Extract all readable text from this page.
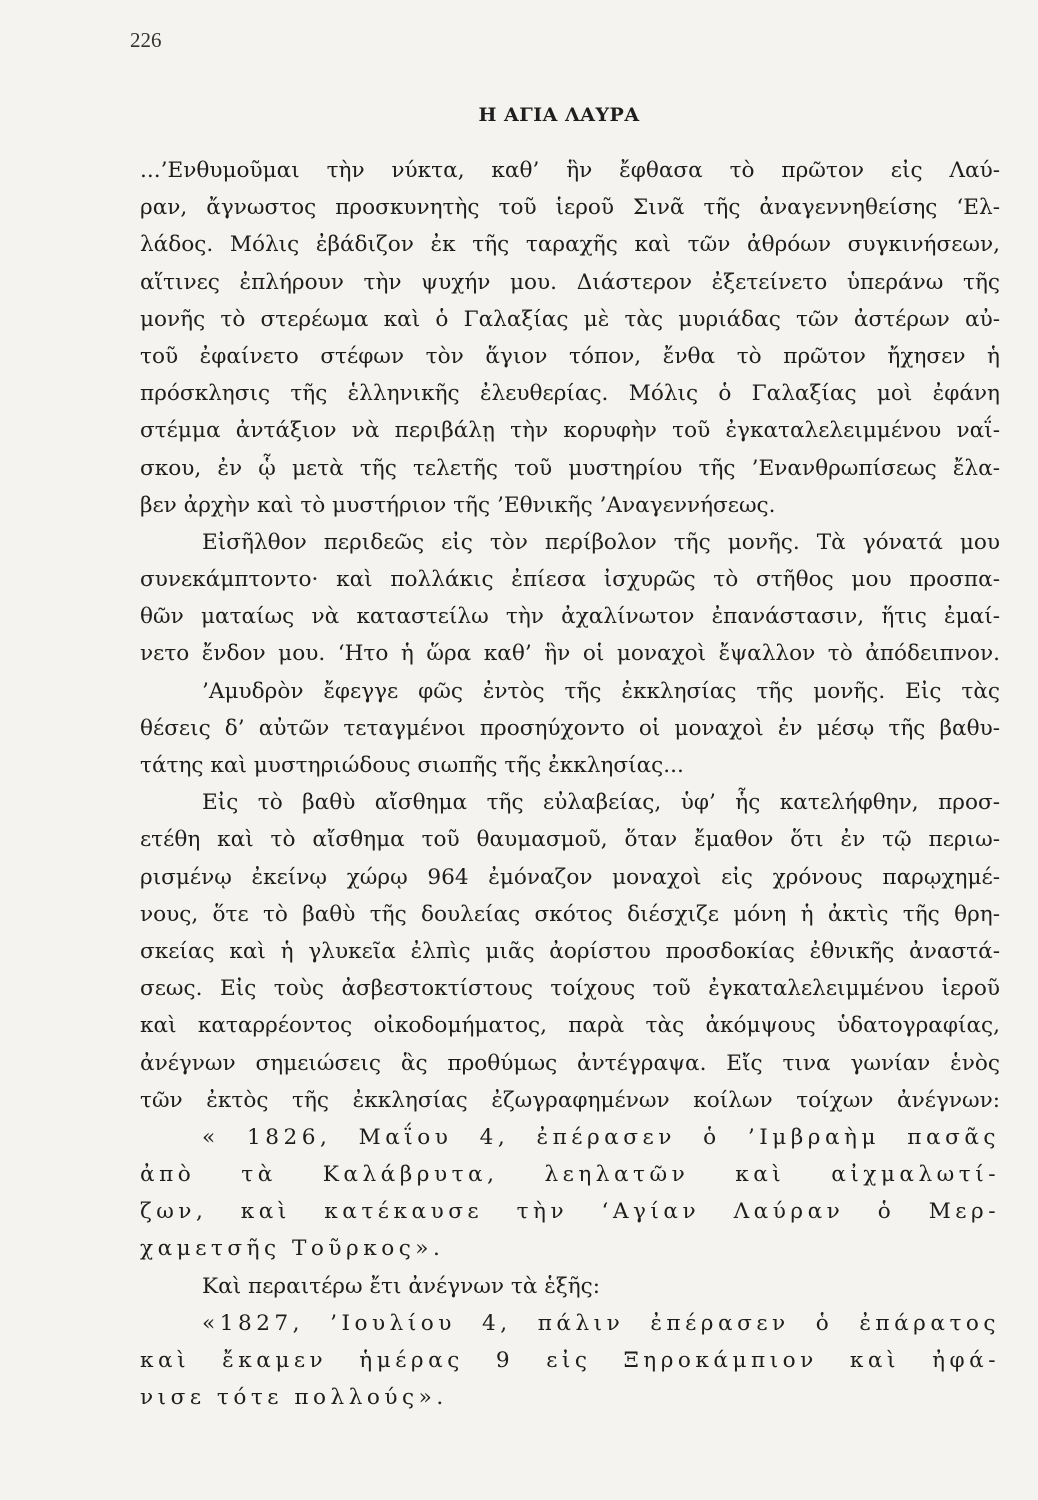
226
Η ΑΓΙΑ ΛΑΥΡΑ
...’Ενθυμοῦμαι τὴν νύκτα, καθ’ ἣν ἔφθασα τὸ πρῶτον εἰς Λαύ-
ραν, ἄγνωστος προσκυνητὴς τοῦ ἱεροῦ Σινᾶ τῆς ἀναγεννηθείσης ‘Ελ-
λάδος. Μόλις ἐβάδιζον ἐκ τῆς ταραχῆς καὶ τῶν ἀθρόων συγκινήσεων,
αἵτινες ἐπλήρουν τὴν ψυχήν μου. Διάστερον ἐξετείνετο ὑπεράνω τῆς
μονῆς τὸ στερέωμα καὶ ὁ Γαλαξίας μὲ τὰς μυριάδας τῶν ἀστέρων αὐ-
τοῦ ἐφαίνετο στέφων τὸν ἅγιον τόπον, ἔνθα τὸ πρῶτον ἤχησεν ἡ
πρόσκλησις τῆς ἑλληνικῆς ἐλευθερίας. Μόλις ὁ Γαλαξίας μοὶ ἐφάνη
στέμμα ἀντάξιον νὰ περιβάλῃ τὴν κορυφὴν τοῦ ἐγκαταλελειμμένου ναΐ-
σκου, ἐν ᾧ μετὰ τῆς τελετῆς τοῦ μυστηρίου τῆς ’Ενανθρωπίσεως ἔλα-
βεν ἀρχὴν καὶ τὸ μυστήριον τῆς ’Εθνικῆς ’Αναγεννήσεως.
Εἰσῆλθον περιδεῶς εἰς τὸν περίβολον τῆς μονῆς. Τὰ γόνατά μου
συνεκάμπτοντο· καὶ πολλάκις ἐπίεσα ἰσχυρῶς τὸ στῆθος μου προσπα-
θῶν ματαίως νὰ καταστείλω τὴν ἀχαλίνωτον ἐπανάστασιν, ἥτις ἐμαί-
νετο ἔνδον μου. ‘Ητο ἡ ὥρα καθ’ ἣν οἱ μοναχοὶ ἔψαλλον τὸ ἀπόδειπνον.
’Αμυδρὸν ἔφεγγε φῶς ἐντὸς τῆς ἐκκλησίας τῆς μονῆς. Εἰς τὰς
θέσεις δ’ αὐτῶν τεταγμένοι προσηύχοντο οἱ μοναχοὶ ἐν μέσῳ τῆς βαθυ-
τάτης καὶ μυστηριώδους σιωπῆς τῆς ἐκκλησίας...
Εἰς τὸ βαθὺ αἴσθημα τῆς εὐλαβείας, ὑφ’ ἧς κατελήφθην, προσ-
ετέθη καὶ τὸ αἴσθημα τοῦ θαυμασμοῦ, ὅταν ἔμαθον ὅτι ἐν τῷ περιω-
ρισμένῳ ἐκείνῳ χώρῳ 964 ἐμόναζον μοναχοὶ εἰς χρόνους παρῳχημέ-
νους, ὅτε τὸ βαθὺ τῆς δουλείας σκότος διέσχιζε μόνη ἡ ἀκτὶς τῆς θρη-
σκείας καὶ ἡ γλυκεῖα ἐλπὶς μιᾶς ἀορίστου προσδοκίας ἐθνικῆς ἀναστά-
σεως. Εἰς τοὺς ἀσβεστοκτίστους τοίχους τοῦ ἐγκαταλελειμμένου ἱεροῦ
καὶ καταρρέοντος οἰκοδομήματος, παρὰ τὰς ἀκόμψους ὑδατογραφίας,
ἀνέγνων σημειώσεις ἃς προθύμως ἀντέγραψα. Εἴς τινα γωνίαν ἑνὸς
τῶν ἐκτὸς τῆς ἐκκλησίας ἐζωγραφημένων κοίλων τοίχων ἀνέγνων:
« 1826, Μαΐου 4, ἐπέρασεν ὁ ’Ιμβραὴμ πασᾶς
ἀπὸ τὰ Καλάβρυτα, λεηλατῶν καὶ αἰχμαλωτί-
ζων, καὶ κατέκαυσε τὴν ‘Αγίαν Λαύραν ὁ Μερ-
χαμετσῆς Τοῦρκος».
Καὶ περαιτέρω ἔτι ἀνέγνων τὰ ἑξῆς:
«1827, ’Ιουλίου 4, πάλιν ἐπέρασεν ὁ ἐπάρατος
καὶ ἔκαμεν ἡμέρας 9 εἰς Ξηροκάμπιον καὶ ἠφά-
νισε τότε πολλούς».
